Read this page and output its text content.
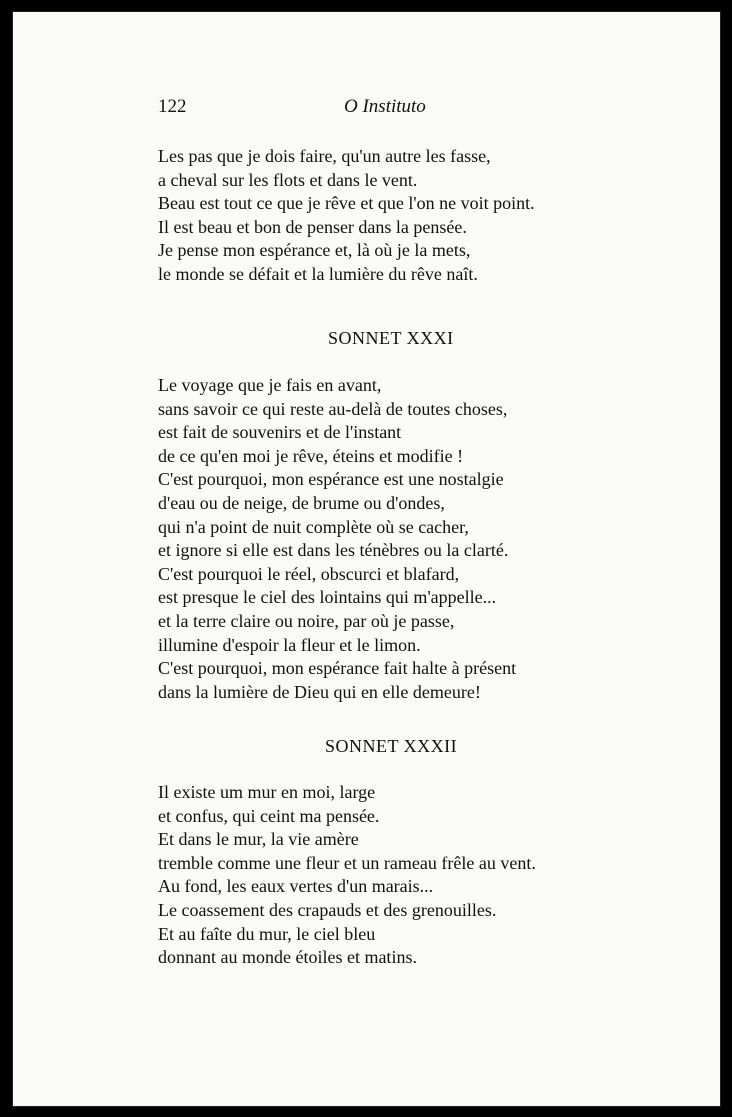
122	O Instituto
Les pas que je dois faire, qu'un autre les fasse,
a cheval sur les flots et dans le vent.
Beau est tout ce que je rêve et que l'on ne voit point.
Il est beau et bon de penser dans la pensée.
Je pense mon espérance et, là où je la mets,
le monde se défait et la lumière du rêve naît.
SONNET XXXI
Le voyage que je fais en avant,
sans savoir ce qui reste au-delà de toutes choses,
est fait de souvenirs et de l'instant
de ce qu'en moi je rêve, éteins et modifie !
C'est pourquoi, mon espérance est une nostalgie
d'eau ou de neige, de brume ou d'ondes,
qui n'a point de nuit complète où se cacher,
et ignore si elle est dans les ténèbres ou la clarté.
C'est pourquoi le réel, obscurci et blafard,
est presque le ciel des lointains qui m'appelle...
et la terre claire ou noire, par où je passe,
illumine d'espoir la fleur et le limon.
C'est pourquoi, mon espérance fait halte à présent
dans la lumière de Dieu qui en elle demeure!
SONNET XXXII
Il existe um mur en moi, large
et confus, qui ceint ma pensée.
Et dans le mur, la vie amère
tremble comme une fleur et un rameau frêle au vent.
Au fond, les eaux vertes d'un marais...
Le coassement des crapauds et des grenouilles.
Et au faîte du mur, le ciel bleu
donnant au monde étoiles et matins.
